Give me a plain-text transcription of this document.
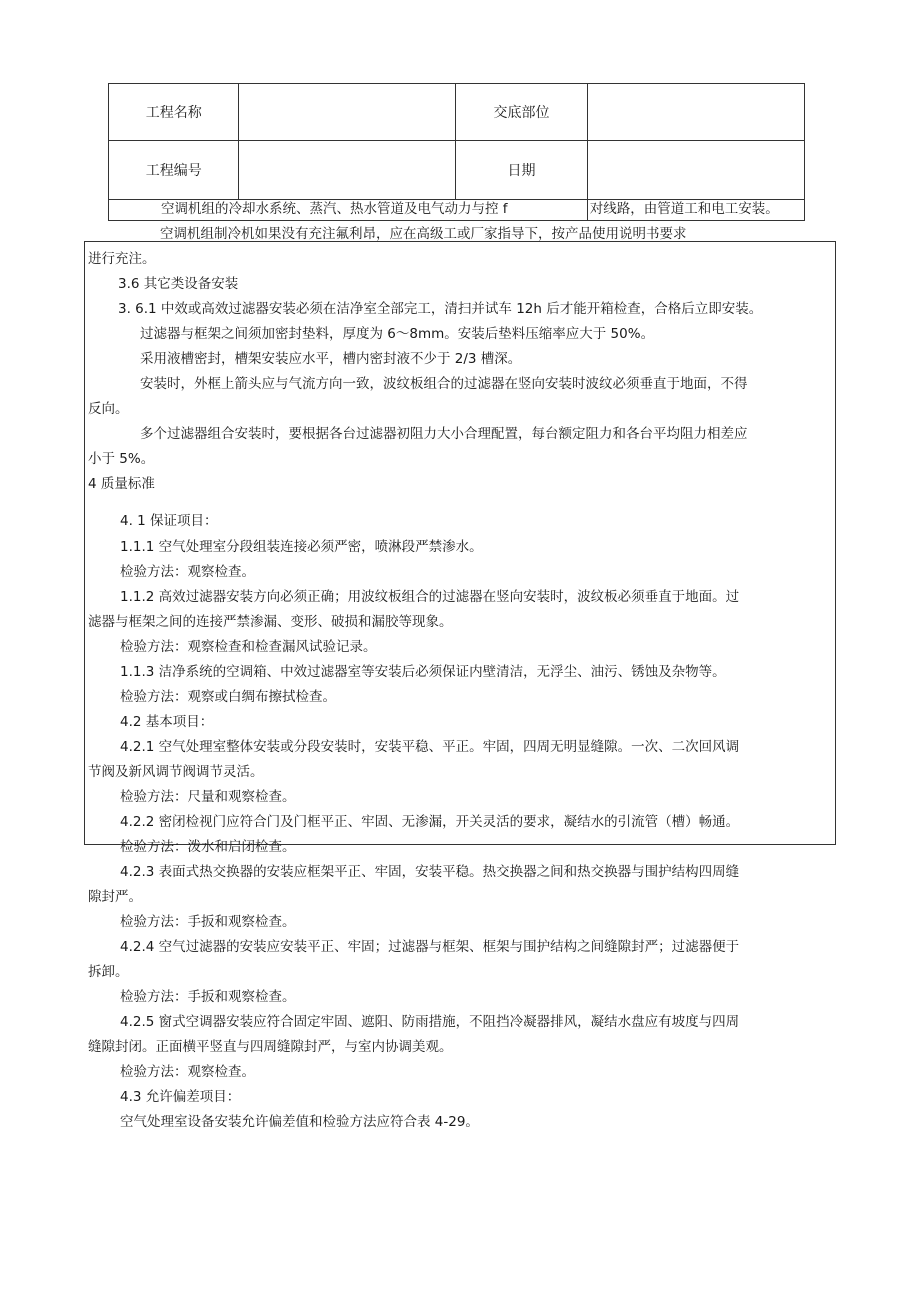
工程名称		交底部位	
工程编号		日期	
空调机组的冷却水系统、蒸汽、热水管道及电气动力与控 f			对线路，由管道工和电工安装。
空调机组制冷机如果没有充注氟利昂，应在高级工或厂家指导下，按产品使用说明书要求
进行充注。
3.6 其它类设备安装
3. 6.1 中效或高效过滤器安装必须在洁净室全部完工，清扫并试车 12h 后才能开箱检查，合格后立即安装。
过滤器与框架之间须加密封垫料，厚度为 6～8mm。安装后垫料压缩率应大于 50%。
采用液槽密封，槽架安装应水平，槽内密封液不少于 2/3 槽深。
安装时，外框上箭头应与气流方向一致，波纹板组合的过滤器在竖向安装时波纹必须垂直于地面，不得
反向。
多个过滤器组合安装时，要根据各台过滤器初阻力大小合理配置，每台额定阻力和各台平均阻力相差应
小于 5%。
4 质量标准
4. 1 保证项目：
1.1.1 空气处理室分段组装连接必须严密，喷淋段严禁渗水。
检验方法：观察检查。
1.1.2 高效过滤器安装方向必须正确；用波纹板组合的过滤器在竖向安装时，波纹板必须垂直于地面。过
滤器与框架之间的连接严禁渗漏、变形、破损和漏胶等现象。
检验方法：观察检查和检查漏风试验记录。
1.1.3 洁净系统的空调箱、中效过滤器室等安装后必须保证内壁清洁，无浮尘、油污、锈蚀及杂物等。
检验方法：观察或白绸布擦拭检查。
4.2 基本项目：
4.2.1 空气处理室整体安装或分段安装时，安装平稳、平正。牢固，四周无明显缝隙。一次、二次回风调
节阀及新风调节阀调节灵活。
检验方法：尺量和观察检查。
4.2.2 密闭检视门应符合门及门框平正、牢固、无渗漏，开关灵活的要求，凝结水的引流管（槽）畅通。
检验方法：泼水和启闭检查。
4.2.3 表面式热交换器的安装应框架平正、牢固，安装平稳。热交换器之间和热交换器与围护结构四周缝
隙封严。
检验方法：手扳和观察检查。
4.2.4 空气过滤器的安装应安装平正、牢固；过滤器与框架、框架与围护结构之间缝隙封严；过滤器便于
拆卸。
检验方法：手扳和观察检查。
4.2.5 窗式空调器安装应符合固定牢固、遮阳、防雨措施，不阻挡冷凝器排风，凝结水盘应有坡度与四周
缝隙封闭。正面横平竖直与四周缝隙封严，与室内协调美观。
检验方法：观察检查。
4.3 允许偏差项目：
空气处理室设备安装允许偏差值和检验方法应符合表 4-29。
